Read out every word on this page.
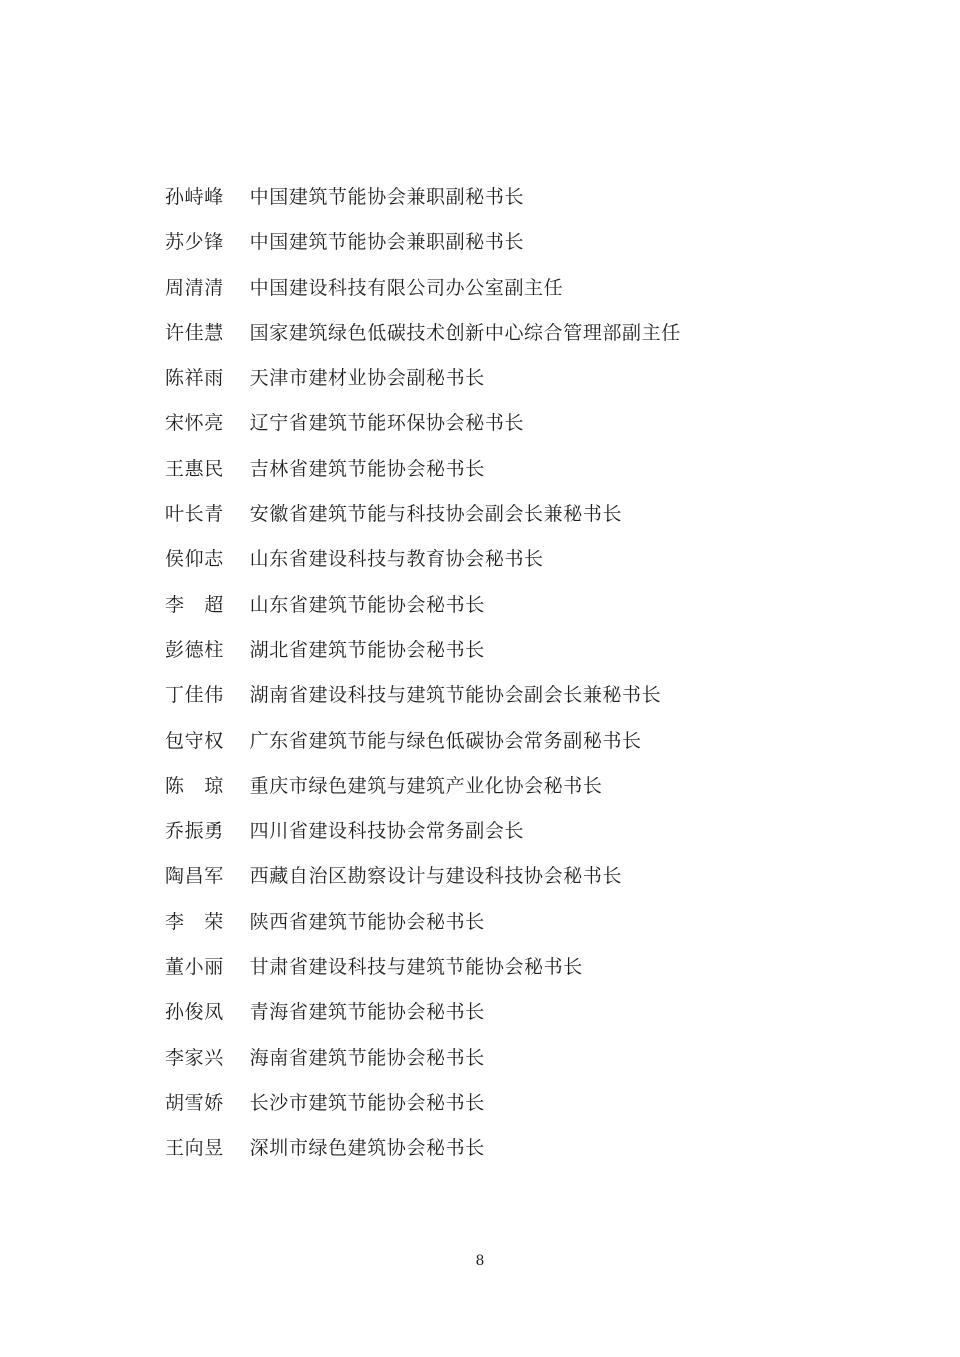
孙峙峰 中国建筑节能协会兼职副秘书长
苏少锋 中国建筑节能协会兼职副秘书长
周清清 中国建设科技有限公司办公室副主任
许佳慧 国家建筑绿色低碳技术创新中心综合管理部副主任
陈祥雨 天津市建材业协会副秘书长
宋怀亮 辽宁省建筑节能环保协会秘书长
王惠民 吉林省建筑节能协会秘书长
叶长青 安徽省建筑节能与科技协会副会长兼秘书长
侯仰志 山东省建设科技与教育协会秘书长
李　超 山东省建筑节能协会秘书长
彭德柱 湖北省建筑节能协会秘书长
丁佳伟 湖南省建设科技与建筑节能协会副会长兼秘书长
包守权 广东省建筑节能与绿色低碳协会常务副秘书长
陈　琼 重庆市绿色建筑与建筑产业化协会秘书长
乔振勇 四川省建设科技协会常务副会长
陶昌军 西藏自治区勘察设计与建设科技协会秘书长
李　荣 陕西省建筑节能协会秘书长
董小丽 甘肃省建设科技与建筑节能协会秘书长
孙俊凤 青海省建筑节能协会秘书长
李家兴 海南省建筑节能协会秘书长
胡雪娇 长沙市建筑节能协会秘书长
王向昱 深圳市绿色建筑协会秘书长
8
